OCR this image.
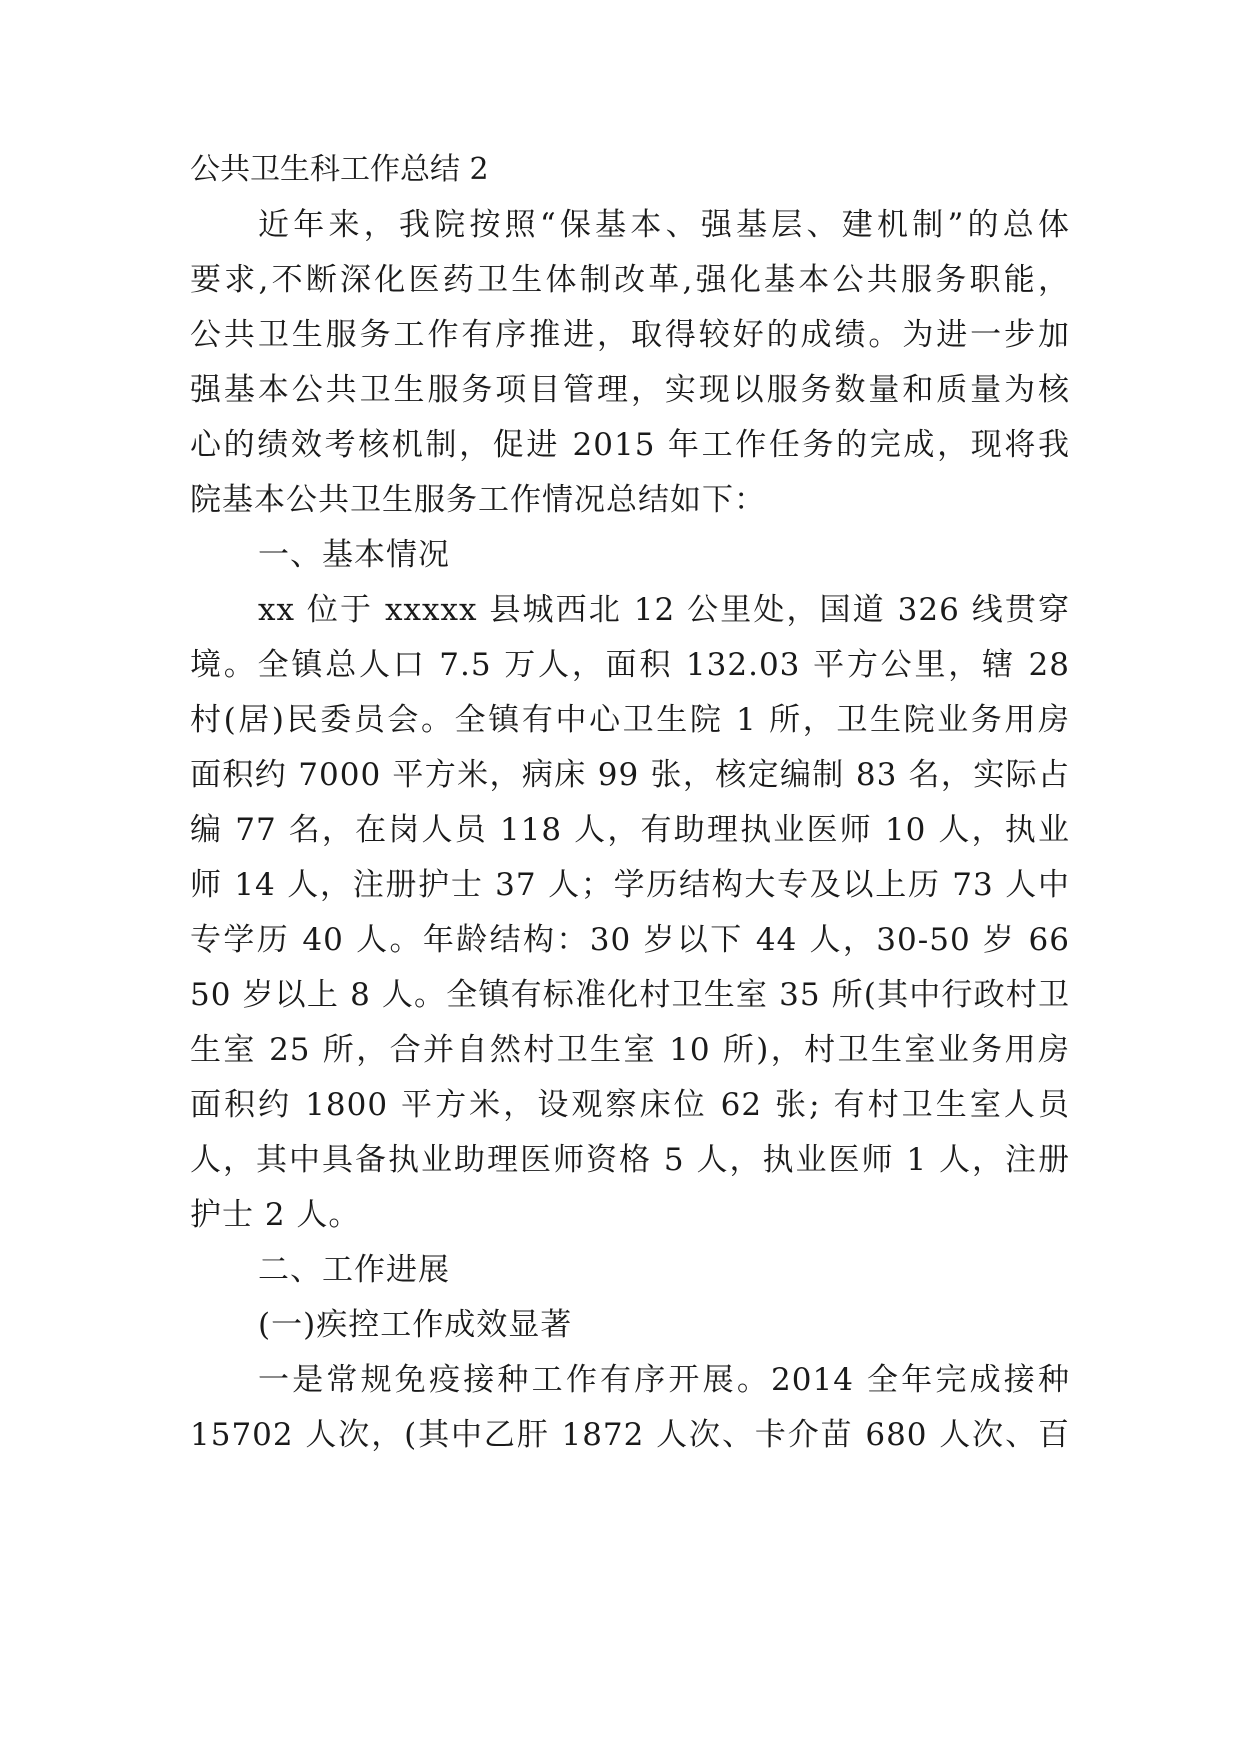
公共卫生科工作总结 2
近年来，我院按照“保基本、强基层、建机制”的总体
要求,不断深化医药卫生体制改革,强化基本公共服务职能，
公共卫生服务工作有序推进，取得较好的成绩。为进一步加
强基本公共卫生服务项目管理，实现以服务数量和质量为核
心的绩效考核机制，促进 2015 年工作任务的完成，现将我
院基本公共卫生服务工作情况总结如下：
一、基本情况
xx 位于 xxxxx 县城西北 12 公里处，国道 326 线贯穿
境。全镇总人口 7.5 万人，面积 132.03 平方公里，辖 28
村(居)民委员会。全镇有中心卫生院 1 所，卫生院业务用房
面积约 7000 平方米，病床 99 张，核定编制 83 名，实际占
编 77 名，在岗人员 118 人，有助理执业医师 10 人，执业
师 14 人，注册护士 37 人；学历结构大专及以上历 73 人中
专学历 40 人。年龄结构：30 岁以下 44 人，30-50 岁 66
50 岁以上 8 人。全镇有标准化村卫生室 35 所(其中行政村卫
生室 25 所，合并自然村卫生室 10 所)，村卫生室业务用房
面积约 1800 平方米，设观察床位 62 张; 有村卫生室人员
人，其中具备执业助理医师资格 5 人，执业医师 1 人，注册
护士 2 人。
二、工作进展
(一)疾控工作成效显著
一是常规免疫接种工作有序开展。2014 全年完成接种
15702 人次，(其中乙肝 1872 人次、卡介苗 680 人次、百
